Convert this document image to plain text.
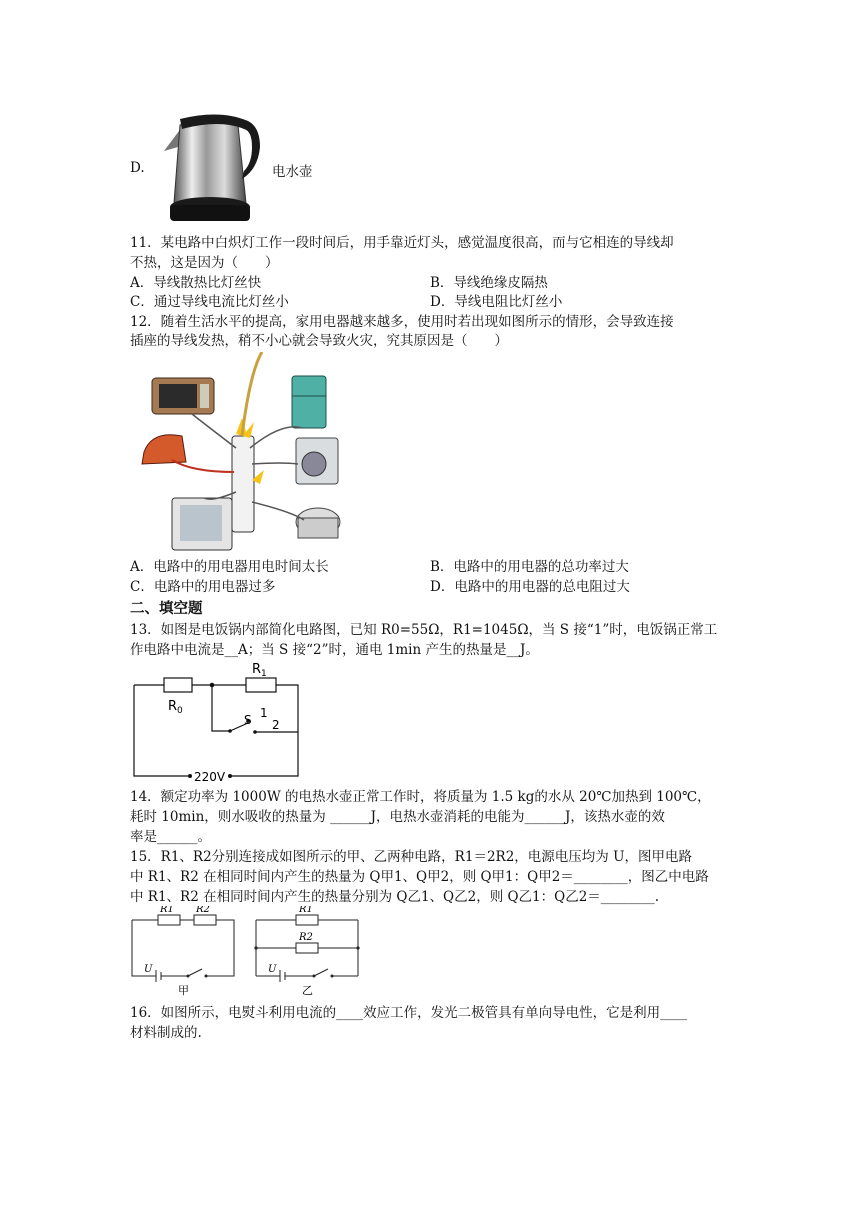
D.	电水壶
11．某电路中白炽灯工作一段时间后，用手靠近灯头，感觉温度很高，而与它相连的导线却
不热，这是因为（　　）
A．导线散热比灯丝快	B．导线绝缘皮隔热
C．通过导线电流比灯丝小	D．导线电阻比灯丝小
12．随着生活水平的提高，家用电器越来越多，使用时若出现如图所示的情形，会导致连接
插座的导线发热，稍不小心就会导致火灾，究其原因是（　　）
A．电路中的用电器用电时间太长	B．电路中的用电器的总功率过大
C．电路中的用电器过多	D．电路中的用电器的总电阻过大
二、填空题
13．如图是电饭锅内部简化电路图，已知 R0=55Ω，R1=1045Ω，当 S 接“1”时，电饭锅正常工
作电路中电流是__A；当 S 接“2”时，通电 1min 产生的热量是__J。
$R_0$
$R_1$
S 1
2
220V
14．额定功率为 1000W 的电热水壶正常工作时，将质量为 1.5 kg的水从 20℃加热到 100℃，
耗时 10min，则水吸收的热量为 ______J，电热水壶消耗的电能为______J，该热水壶的效
率是______。
15．R1、R2分别连接成如图所示的甲、乙两种电路，R1＝2R2，电源电压均为 U，图甲电路
中 R1、R2 在相同时间内产生的热量为 Q甲1、Q甲2，则 Q甲1：Q甲2＝________，图乙中电路
中 R1、R2 在相同时间内产生的热量分别为 Q乙1、Q乙2，则 Q乙1：Q乙2＝________.
R1 R2
U
甲
R1
R2
U
乙
16．如图所示，电熨斗利用电流的____效应工作，发光二极管具有单向导电性，它是利用____
材料制成的.
